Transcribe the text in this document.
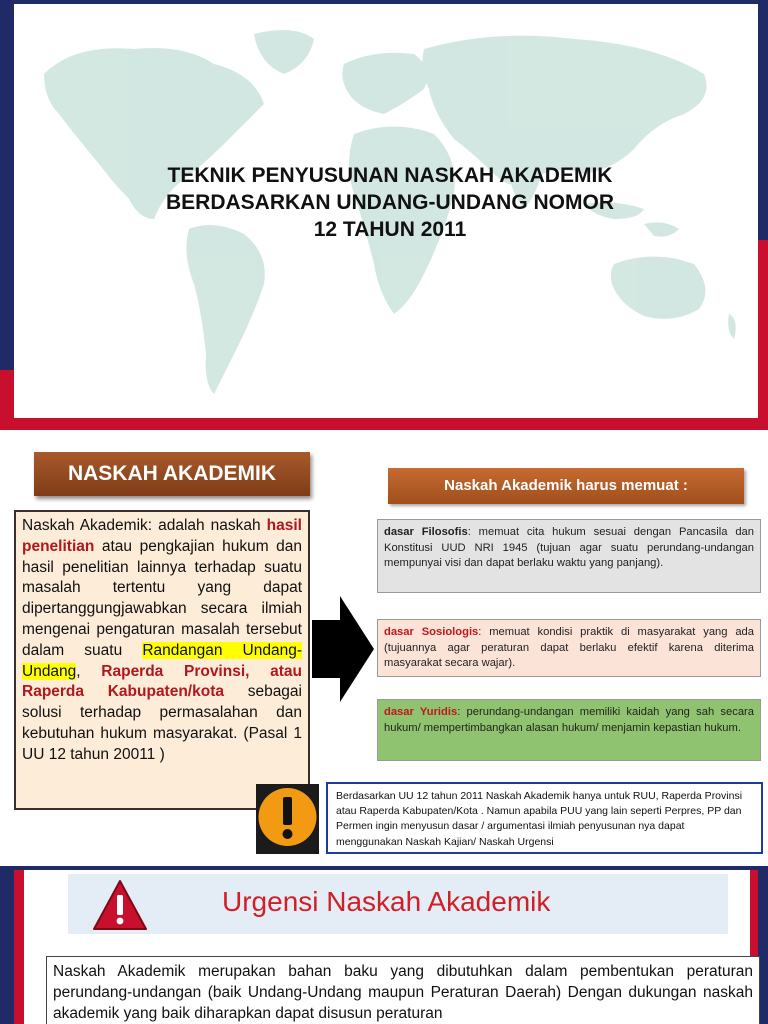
TEKNIK PENYUSUNAN NASKAH AKADEMIK
BERDASARKAN UNDANG-UNDANG NOMOR
12 TAHUN 2011
NASKAH AKADEMIK
Naskah Akademik: adalah naskah hasil penelitian atau pengkajian hukum dan hasil penelitian lainnya terhadap suatu masalah tertentu yang dapat dipertanggungjawabkan secara ilmiah mengenai pengaturan masalah tersebut dalam suatu Randangan Undang-Undang, Raperda Provinsi, atau Raperda Kabupaten/kota sebagai solusi terhadap permasalahan dan kebutuhan hukum masyarakat. (Pasal 1 UU 12 tahun 20011 )
Naskah Akademik harus memuat :
dasar Filosofis: memuat cita hukum sesuai dengan Pancasila dan Konstitusi UUD NRI 1945 (tujuan agar suatu perundang-undangan mempunyai visi dan dapat berlaku waktu yang panjang).
dasar Sosiologis: memuat kondisi praktik di masyarakat yang ada (tujuannya agar peraturan dapat berlaku efektif karena diterima masyarakat secara wajar).
dasar Yuridis: perundang-undangan memiliki kaidah yang sah secara hukum/ mempertimbangkan alasan hukum/ menjamin kepastian hukum.
Berdasarkan UU 12 tahun 2011 Naskah Akademik hanya untuk RUU, Raperda Provinsi atau Raperda Kabupaten/Kota . Namun apabila PUU yang lain seperti Perpres, PP dan Permen ingin menyusun dasar / argumentasi ilmiah penyusunan nya dapat menggunakan Naskah Kajian/ Naskah Urgensi
Urgensi Naskah Akademik
Naskah Akademik merupakan bahan baku yang dibutuhkan dalam pembentukan peraturan perundang-undangan (baik Undang-Undang maupun Peraturan Daerah) Dengan dukungan naskah akademik yang baik diharapkan dapat disusun peraturan
